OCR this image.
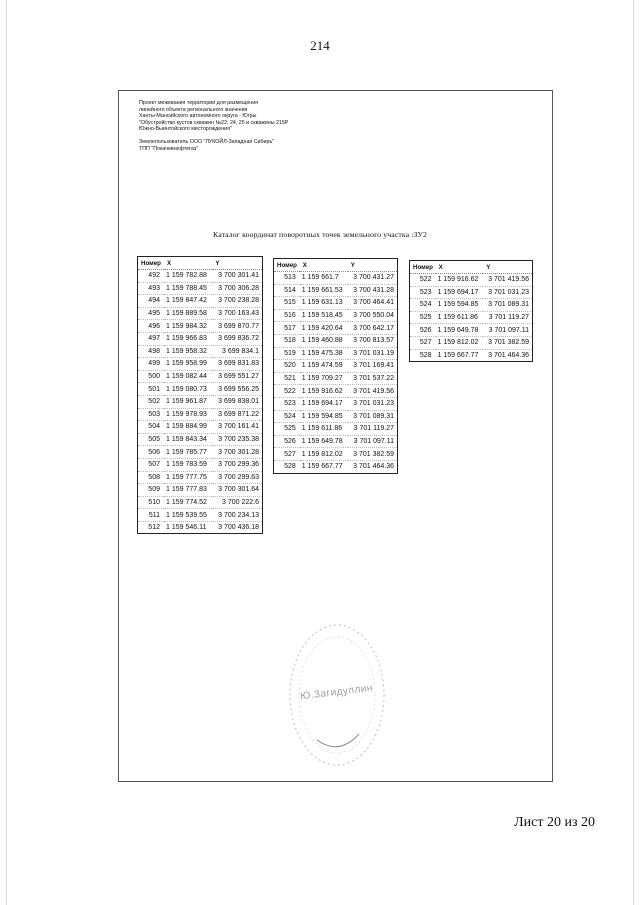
214
Проект межевания территории для размещения
линейного объекта регионального значения
Ханты-Мансийского автономного округа - Югры
"Обустройство кустов скважин №22, 24, 25 и скважины 215Р
Южно-Выинтойского месторождения"
Землепользователь ООО "ЛУКОЙЛ-Западная Сибирь"
ТПП "Покачевнефтегаз"
Каталог координат поворотных точек земельного участка :ЗУ2
Номер	X	Y
492	1 159 782.88	3 700 301.41
493	1 159 788.45	3 700 306.28
494	1 159 847.42	3 700 238.28
495	1 159 889.58	3 700 163.43
496	1 159 984.32	3 699 870.77
497	1 159 966.83	3 699 836.72
498	1 159 958.32	3 699 834.1
499	1 159 958.99	3 699 831.83
500	1 159 082.44	3 699 551.27
501	1 159 080.73	3 699 556.25
502	1 159 961.87	3 699 838.01
503	1 159 978.93	3 699 871.22
504	1 159 884.99	3 700 161.41
505	1 159 843.34	3 700 235.38
506	1 159 785.77	3 700 301.28
507	1 159 783.59	3 700 299.36
508	1 159 777.75	3 700 299.63
509	1 159 777.83	3 700 301.64
510	1 159 774.52	3 700 222.6
511	1 159 539.55	3 700 234.13
512	1 159 546.11	3 700 436.18
Номер	X	Y
513	1 159 661.7	3 700 431.27
514	1 159 661.53	3 700 431.28
515	1 159 631.13	3 700 464.41
516	1 159 518.45	3 700 550.04
517	1 159 420.64	3 700 642.17
518	1 159 460.88	3 700 813.57
519	1 159 475.38	3 701 031.19
520	1 159 474.59	3 701 169.41
521	1 159 709.27	3 701 537.22
522	1 159 916.62	3 701 419.56
523	1 159 694.17	3 701 031.23
524	1 159 594.85	3 701 089.31
525	1 159 611.86	3 701 119.27
526	1 159 649.78	3 701 097.11
527	1 159 812.02	3 701 382.59
528	1 159 667.77	3 701 464.36
Номер	X	Y
522	1 159 916.62	3 701 419.56
523	1 159 694.17	3 701 031.23
524	1 159 594.85	3 701 089.31
525	1 159 611.86	3 701 119.27
526	1 159 649.78	3 701 097.11
527	1 159 812.02	3 701 382.59
528	1 159 667.77	3 701 464.36
Ю.Загидуллин
Лист 20 из 20
